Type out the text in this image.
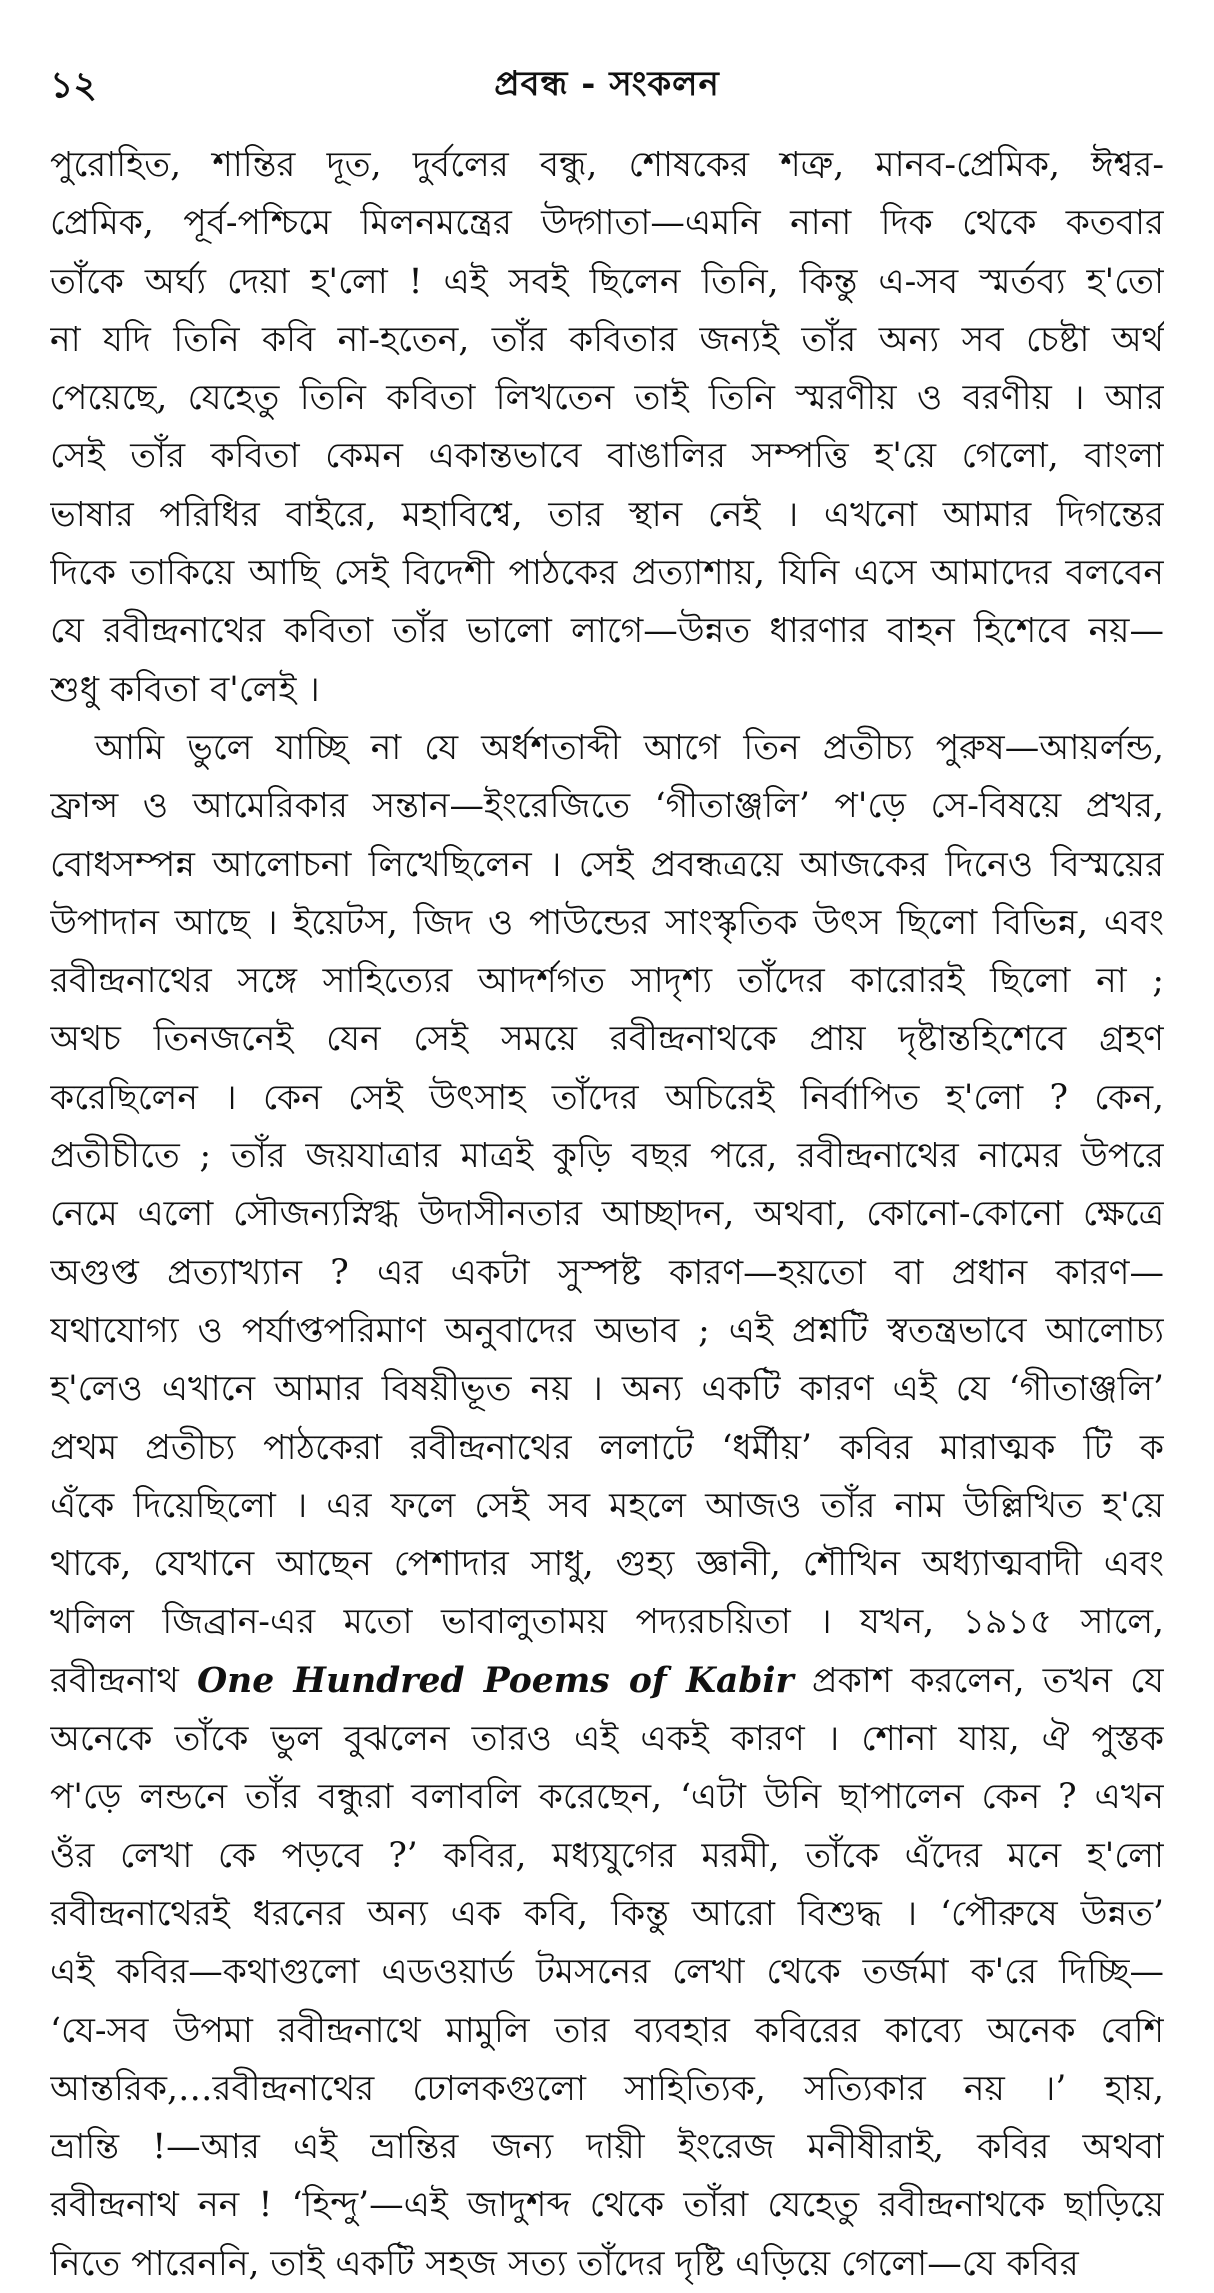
১২	প্রবন্ধ - সংকলন

পুরোহিত, শান্তির দূত, দুর্বলের বন্ধু, শোষকের শত্রু, মানব-প্রেমিক, ঈশ্বর-
প্রেমিক, পূর্ব-পশ্চিমে মিলনমন্ত্রের উদ্গাতা—এমনি নানা দিক থেকে কতবার
তাঁকে অর্ঘ্য দেয়া হ'লো ! এই সবই ছিলেন তিনি, কিন্তু এ-সব স্মর্তব্য হ'তো
না যদি তিনি কবি না-হতেন, তাঁর কবিতার জন্যই তাঁর অন্য সব চেষ্টা অর্থ
পেয়েছে, যেহেতু তিনি কবিতা লিখতেন তাই তিনি স্মরণীয় ও বরণীয় । আর
সেই তাঁর কবিতা কেমন একান্তভাবে বাঙালির সম্পত্তি হ'য়ে গেলো, বাংলা
ভাষার পরিধির বাইরে, মহাবিশ্বে, তার স্থান নেই । এখনো আমার দিগন্তের
দিকে তাকিয়ে আছি সেই বিদেশী পাঠকের প্রত্যাশায়, যিনি এসে আমাদের বলবেন
যে রবীন্দ্রনাথের কবিতা তাঁর ভালো লাগে—উন্নত ধারণার বাহন হিশেবে নয়—
শুধু কবিতা ব'লেই ।

আমি ভুলে যাচ্ছি না যে অর্ধশতাব্দী আগে তিন প্রতীচ্য পুরুষ—আয়র্লন্ড,
ফ্রান্স ও আমেরিকার সন্তান—ইংরেজিতে ‘গীতাঞ্জলি’ প'ড়ে সে-বিষয়ে প্রখর,
বোধসম্পন্ন আলোচনা লিখেছিলেন । সেই প্রবন্ধত্রয়ে আজকের দিনেও বিস্ময়ের
উপাদান আছে । ইয়েটস, জিদ ও পাউন্ডের সাংস্কৃতিক উৎস ছিলো বিভিন্ন, এবং
রবীন্দ্রনাথের সঙ্গে সাহিত্যের আদর্শগত সাদৃশ্য তাঁদের কারোরই ছিলো না ;
অথচ তিনজনেই যেন সেই সময়ে রবীন্দ্রনাথকে প্রায় দৃষ্টান্তহিশেবে গ্রহণ
করেছিলেন । কেন সেই উৎসাহ তাঁদের অচিরেই নির্বাপিত হ'লো ? কেন,
প্রতীচীতে ; তাঁর জয়যাত্রার মাত্রই কুড়ি বছর পরে, রবীন্দ্রনাথের নামের উপরে
নেমে এলো সৌজন্যস্নিগ্ধ উদাসীনতার আচ্ছাদন, অথবা, কোনো-কোনো ক্ষেত্রে
অগুপ্ত প্রত্যাখ্যান ? এর একটা সুস্পষ্ট কারণ—হয়তো বা প্রধান কারণ—
যথাযোগ্য ও পর্যাপ্তপরিমাণ অনুবাদের অভাব ; এই প্রশ্নটি স্বতন্ত্রভাবে আলোচ্য
হ'লেও এখানে আমার বিষয়ীভূত নয় । অন্য একটি কারণ এই যে ‘গীতাঞ্জলি’
প্রথম প্রতীচ্য পাঠকেরা রবীন্দ্রনাথের ললাটে ‘ধর্মীয়’ কবির মারাত্মক টি ক
এঁকে দিয়েছিলো । এর ফলে সেই সব মহলে আজও তাঁর নাম উল্লিখিত হ'য়ে
থাকে, যেখানে আছেন পেশাদার সাধু, গুহ্য জ্ঞানী, শৌখিন অধ্যাত্মবাদী এবং
খলিল জিব্রান-এর মতো ভাবালুতাময় পদ্যরচয়িতা । যখন, ১৯১৫ সালে,
রবীন্দ্রনাথ One Hundred Poems of Kabir প্রকাশ করলেন, তখন যে
অনেকে তাঁকে ভুল বুঝলেন তারও এই একই কারণ । শোনা যায়, ঐ পুস্তক
প'ড়ে লন্ডনে তাঁর বন্ধুরা বলাবলি করেছেন, ‘এটা উনি ছাপালেন কেন ? এখন
ওঁর লেখা কে পড়বে ?’ কবির, মধ্যযুগের মরমী, তাঁকে এঁদের মনে হ'লো
রবীন্দ্রনাথেরই ধরনের অন্য এক কবি, কিন্তু আরো বিশুদ্ধ । ‘পৌরুষে উন্নত’
এই কবির—কথাগুলো এডওয়ার্ড টমসনের লেখা থেকে তর্জমা ক'রে দিচ্ছি—
‘যে-সব উপমা রবীন্দ্রনাথে মামুলি তার ব্যবহার কবিরের কাব্যে অনেক বেশি
আন্তরিক,…রবীন্দ্রনাথের ঢোলকগুলো সাহিত্যিক, সত্যিকার নয় ।’ হায়,
ভ্রান্তি !—আর এই ভ্রান্তির জন্য দায়ী ইংরেজ মনীষীরাই, কবির অথবা
রবীন্দ্রনাথ নন ! ‘হিন্দু’—এই জাদুশব্দ থেকে তাঁরা যেহেতু রবীন্দ্রনাথকে ছাড়িয়ে
নিতে পারেননি, তাই একটি সহজ সত্য তাঁদের দৃষ্টি এড়িয়ে গেলো—যে কবির
